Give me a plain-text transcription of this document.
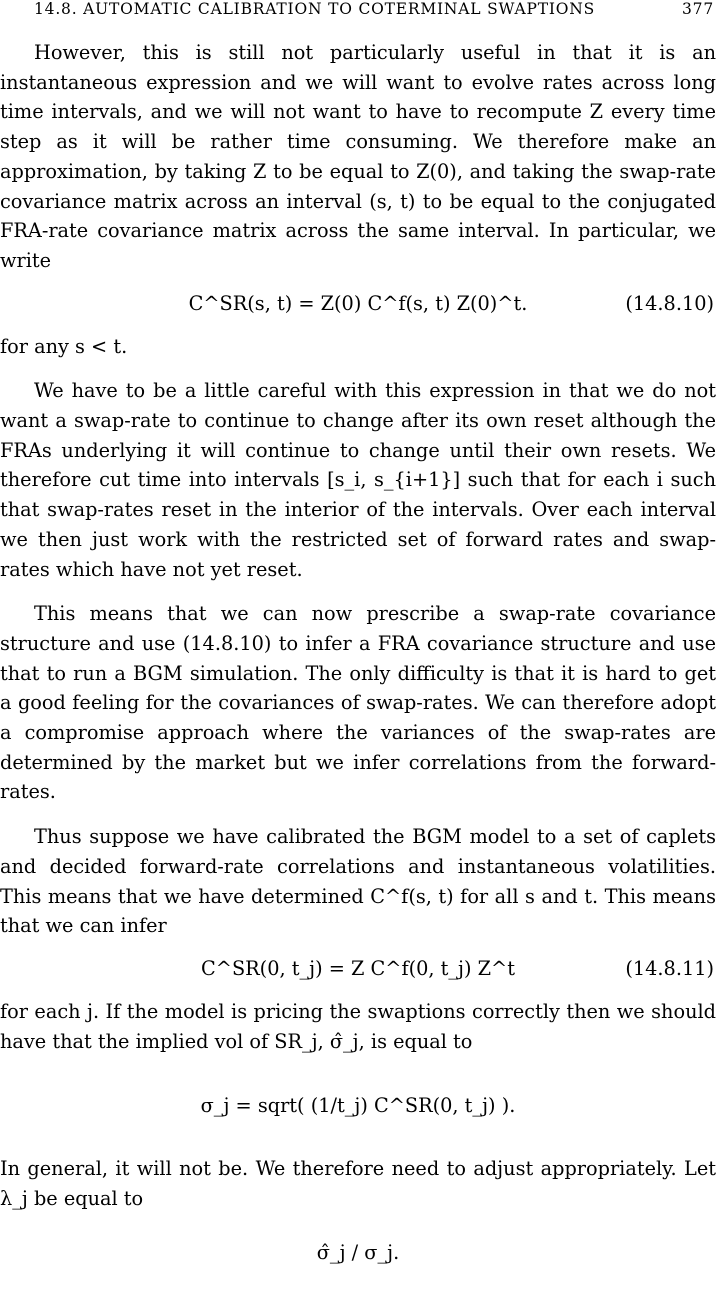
14.8. AUTOMATIC CALIBRATION TO COTERMINAL SWAPTIONS	377

However, this is still not particularly useful in that it is an instantaneous expression and we will want to evolve rates across long time intervals, and we will not want to have to recompute Z every time step as it will be rather time consuming. We therefore make an approximation, by taking Z to be equal to Z(0), and taking the swap-rate covariance matrix across an interval (s, t) to be equal to the conjugated FRA-rate covariance matrix across the same interval. In particular, we write

C^SR(s, t) = Z(0) C^f(s, t) Z(0)^t.	(14.8.10)

for any s < t.

We have to be a little careful with this expression in that we do not want a swap-rate to continue to change after its own reset although the FRAs underlying it will continue to change until their own resets. We therefore cut time into intervals [s_i, s_{i+1}] such that for each i such that swap-rates reset in the interior of the intervals. Over each interval we then just work with the restricted set of forward rates and swap-rates which have not yet reset.

This means that we can now prescribe a swap-rate covariance structure and use (14.8.10) to infer a FRA covariance structure and use that to run a BGM simulation. The only difficulty is that it is hard to get a good feeling for the covariances of swap-rates. We can therefore adopt a compromise approach where the variances of the swap-rates are determined by the market but we infer correlations from the forward-rates.

Thus suppose we have calibrated the BGM model to a set of caplets and decided forward-rate correlations and instantaneous volatilities. This means that we have determined C^f(s, t) for all s and t. This means that we can infer

C^SR(0, t_j) = Z C^f(0, t_j) Z^t	(14.8.11)

for each j. If the model is pricing the swaptions correctly then we should have that the implied vol of SR_j, σ̂_j, is equal to

σ_j = sqrt( (1/t_j) C^SR(0, t_j) ).

In general, it will not be. We therefore need to adjust appropriately. Let λ_j be equal to

σ̂_j / σ_j.
